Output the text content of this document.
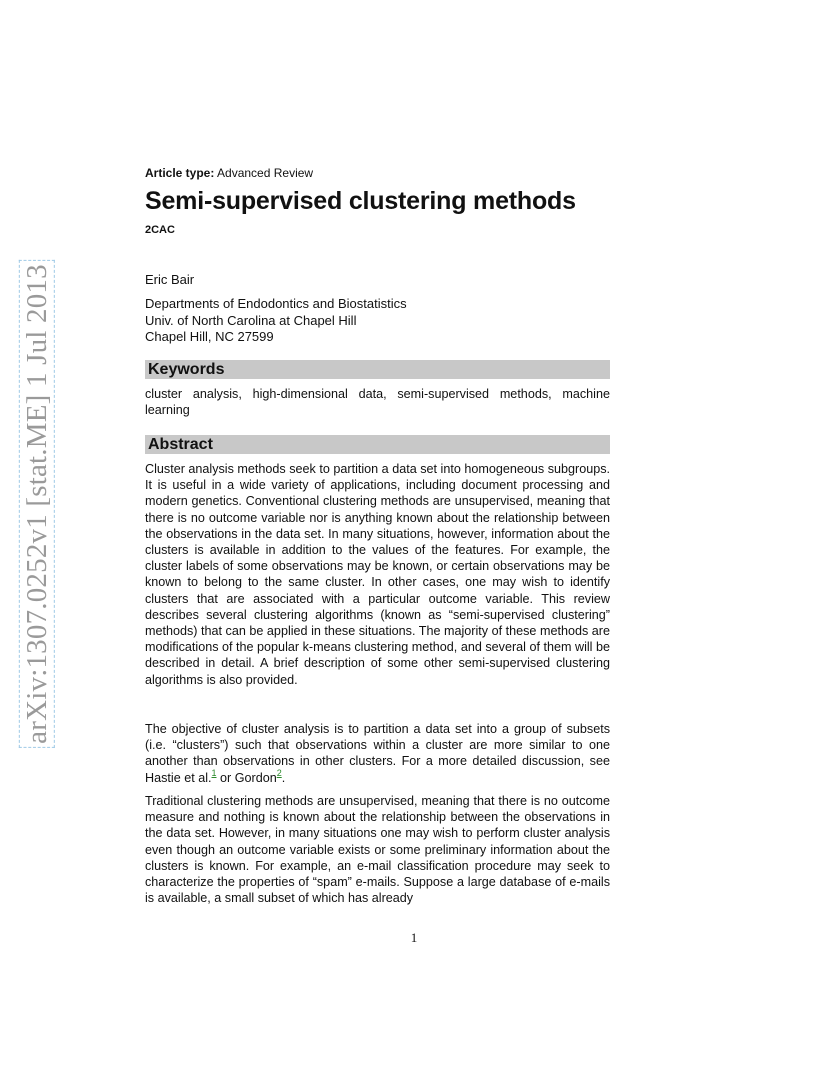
arXiv:1307.0252v1 [stat.ME] 1 Jul 2013
Article type: Advanced Review
Semi-supervised clustering methods
2CAC
Eric Bair
Departments of Endodontics and Biostatistics
Univ. of North Carolina at Chapel Hill
Chapel Hill, NC 27599
Keywords

cluster analysis, high-dimensional data, semi-supervised methods, machine learning

Abstract

Cluster analysis methods seek to partition a data set into homogeneous subgroups. It is useful in a wide variety of applications, including document processing and modern genetics. Conventional clustering methods are unsupervised, meaning that there is no outcome variable nor is anything known about the relationship between the observations in the data set. In many situations, however, information about the clusters is available in addition to the values of the features. For example, the cluster labels of some observations may be known, or certain observations may be known to belong to the same cluster. In other cases, one may wish to identify clusters that are associated with a particular outcome variable. This review describes several clustering algorithms (known as “semi-supervised clustering” methods) that can be applied in these situations. The majority of these methods are modifications of the popular k-means clustering method, and several of them will be described in detail. A brief description of some other semi-supervised clustering algorithms is also provided.

The objective of cluster analysis is to partition a data set into a group of subsets (i.e. “clusters”) such that observations within a cluster are more similar to one another than observations in other clusters. For a more detailed discussion, see Hastie et al.$^1$ or Gordon$^2$.

Traditional clustering methods are unsupervised, meaning that there is no outcome measure and nothing is known about the relationship between the observations in the data set. However, in many situations one may wish to perform cluster analysis even though an outcome variable exists or some preliminary information about the clusters is known. For example, an e-mail classification procedure may seek to characterize the properties of “spam” e-mails. Suppose a large database of e-mails is available, a small subset of which has already

1
